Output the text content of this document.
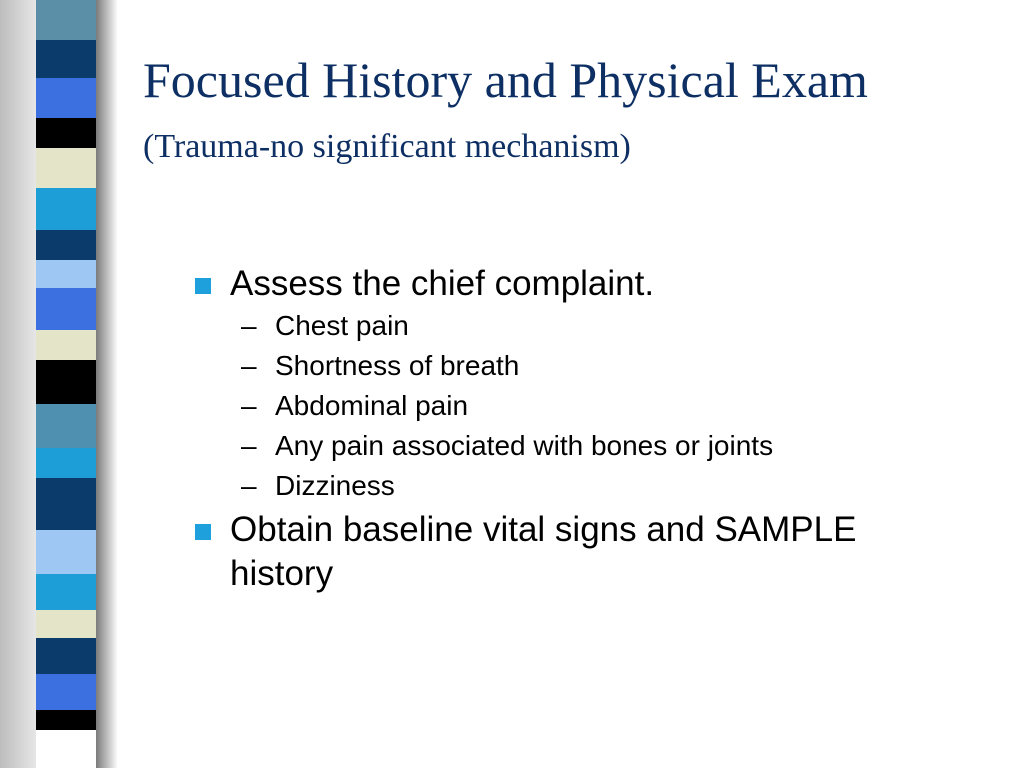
Focused History and Physical Exam (Trauma-no significant mechanism)
Assess the chief complaint.
– Chest pain
– Shortness of breath
– Abdominal pain
– Any pain associated with bones or joints
– Dizziness
Obtain baseline vital signs and SAMPLE history
